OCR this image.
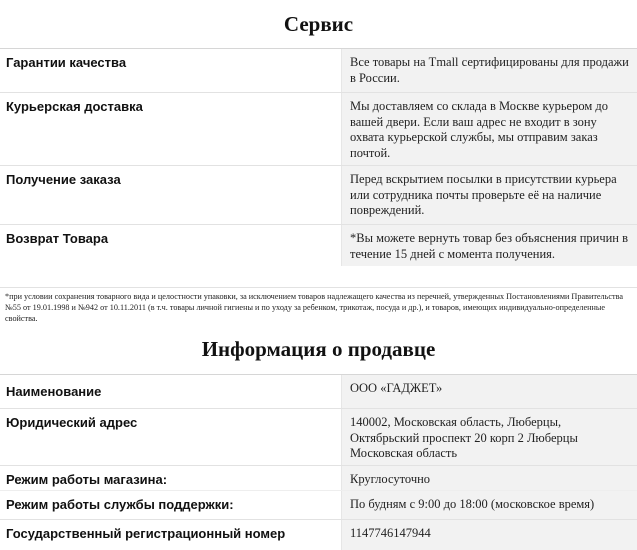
Сервис
Гарантии качества	Все товары на Tmall сертифицированы для продажи в России.
Курьерская доставка	Мы доставляем со склада в Москве курьером до вашей двери. Если ваш адрес не входит в зону охвата курьерской службы, мы отправим заказ почтой.
Получение заказа	Перед вскрытием посылки в присутствии курьера или сотрудника почты проверьте её на наличие повреждений.
Возврат Товара	*Вы можете вернуть товар без объяснения причин в течение 15 дней с момента получения.
*при условии сохранения товарного вида и целостности упаковки, за исключением товаров надлежащего качества из перечней, утвержденных Постановлениями Правительства №55 от 19.01.1998 и №942 от 10.11.2011 (в т.ч. товары личной гигиены и по уходу за ребенком, трикотаж, посуда и др.), и товаров, имеющих индивидуально-определенные свойства.
Информация о продавце
Наименование	ООО «ГАДЖЕТ»
Юридический адрес	140002, Московская область, Люберцы, Октябрьский проспект 20 корп 2 Люберцы Московская область
Режим работы магазина:	Круглосуточно
Режим работы службы поддержки:	По будням с 9:00 до 18:00 (московское время)
Государственный регистрационный номер	1147746147944
